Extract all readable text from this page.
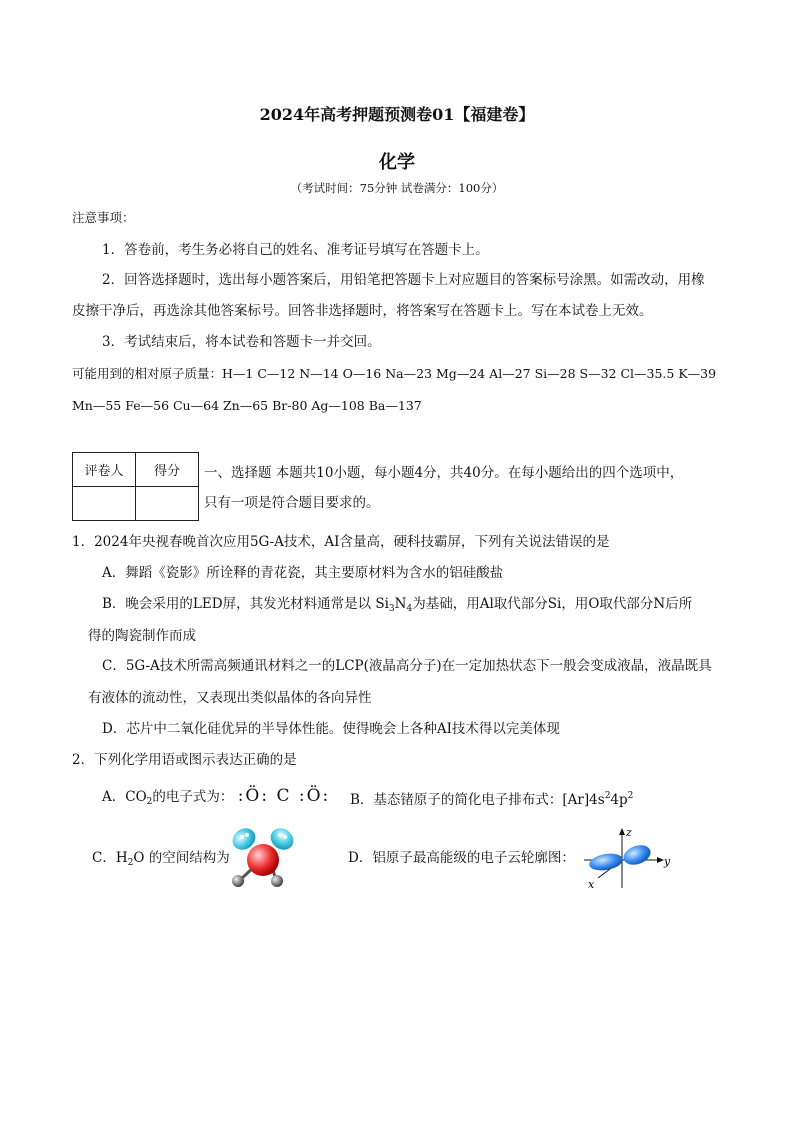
2024年高考押题预测卷01【福建卷】
化学
（考试时间：75分钟 试卷满分：100分）
注意事项：
1．答卷前，考生务必将自己的姓名、准考证号填写在答题卡上。
2．回答选择题时，选出每小题答案后，用铅笔把答题卡上对应题目的答案标号涂黑。如需改动，用橡
皮擦干净后，再选涂其他答案标号。回答非选择题时，将答案写在答题卡上。写在本试卷上无效。
3．考试结束后，将本试卷和答题卡一并交回。
可能用到的相对原子质量：H—1 C—12 N—14 O—16 Na—23 Mg—24 Al—27 Si—28 S—32 Cl—35.5 K—39
Mn—55 Fe—56 Cu—64 Zn—65 Br-80 Ag—108 Ba—137
评卷人	得分
	一、选择题 本题共10小题，每小题4分，共40分。在每小题给出的四个选项中，
只有一项是符合题目要求的。
1．2024年央视春晚首次应用5G-A技术，AI含量高，硬科技霸屏，下列有关说法错误的是
A．舞蹈《瓷影》所诠释的青花瓷，其主要原材料为含水的铝硅酸盐
B．晚会采用的LED屏，其发光材料通常是以 $Si_3N_4$为基础，用Al取代部分Si，用O取代部分N后所
得的陶瓷制作而成
C．5G-A技术所需高频通讯材料之一的LCP(液晶高分子)在一定加热状态下一般会变成液晶，液晶既具
有液体的流动性，又表现出类似晶体的各向异性
D．芯片中二氧化硅优异的半导体性能。使得晚会上各种AI技术得以完美体现
2．下列化学用语或图示表达正确的是
A．$CO_2$的电子式为： :Ö: C :Ö: B．基态锗原子的简化电子排布式：$[Ar]4s^24p^2$
C．$H_2O$ 的空间结构为	D．铝原子最高能级的电子云轮廓图：
z
y
x
